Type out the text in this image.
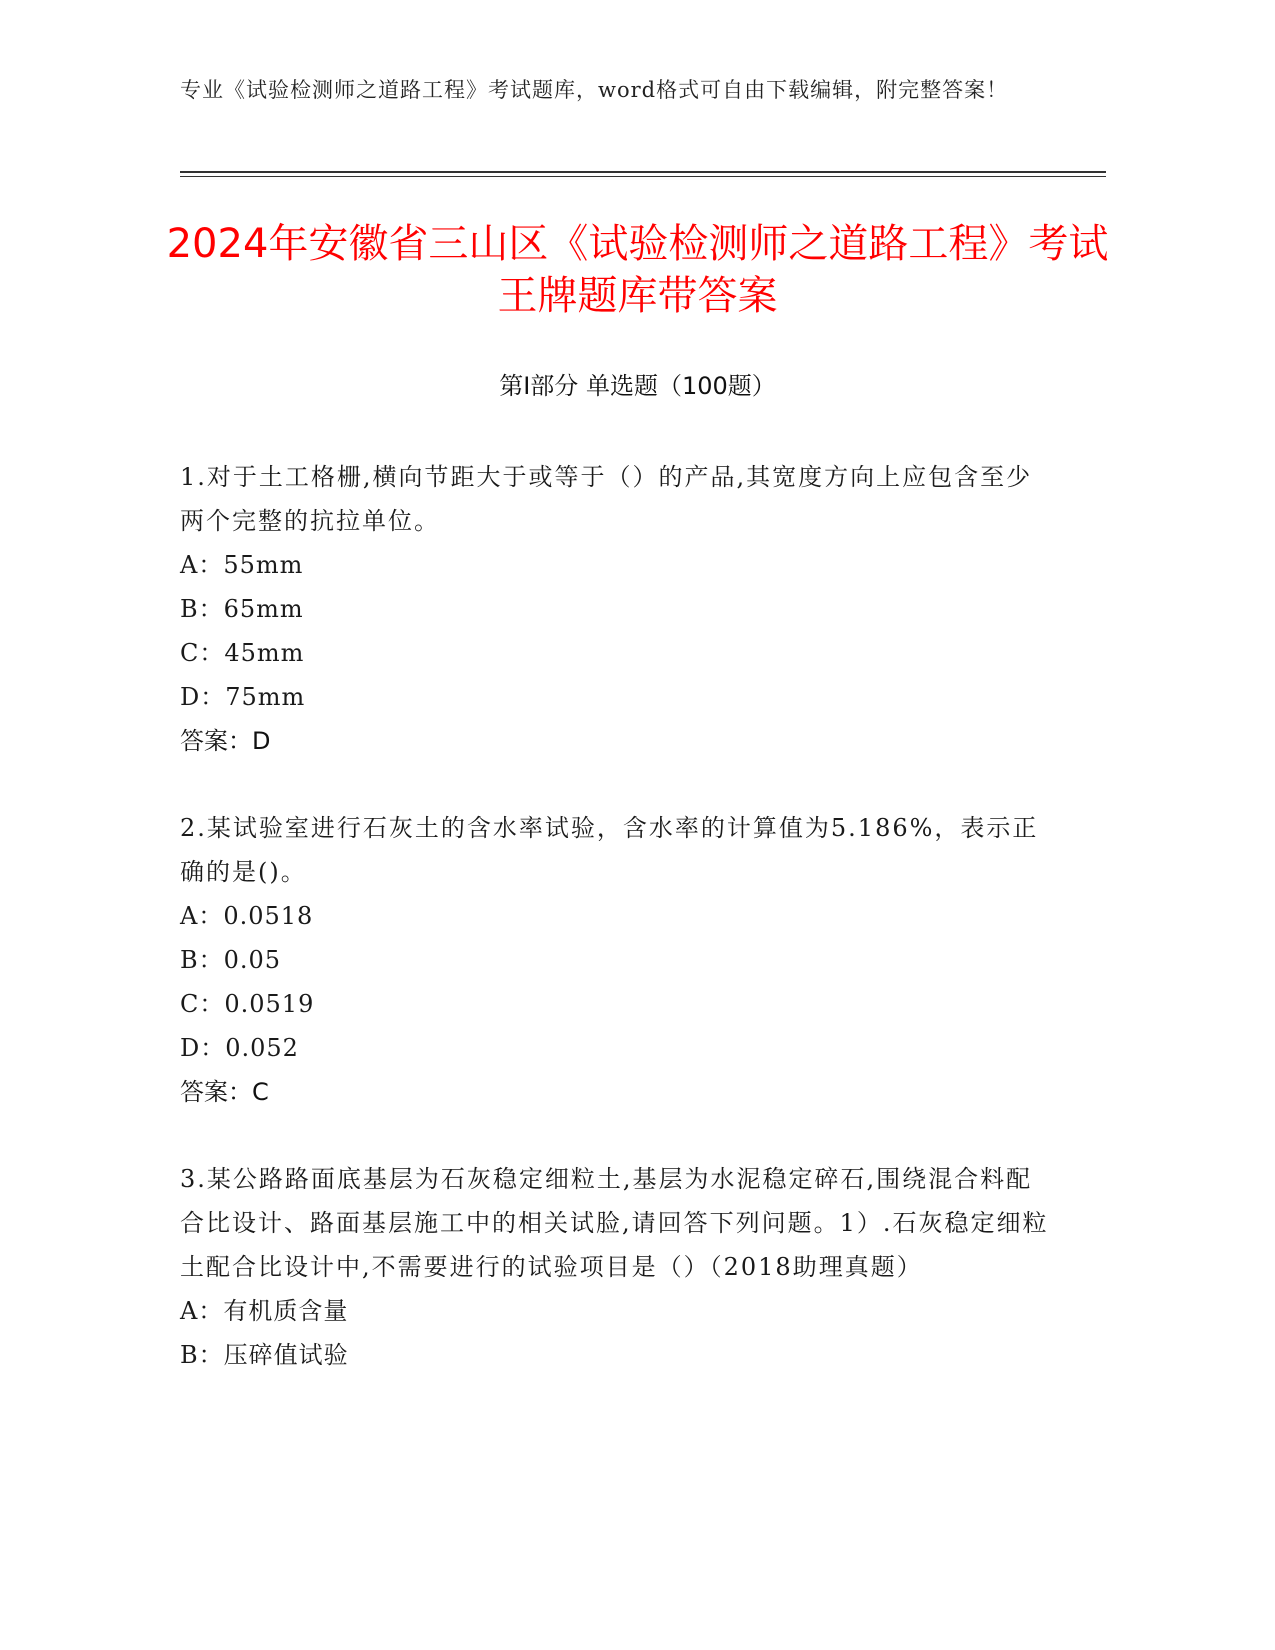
专业《试验检测师之道路工程》考试题库，word格式可自由下载编辑，附完整答案！
2024年安徽省三山区《试验检测师之道路工程》考试王牌题库带答案
第Ⅰ部分 单选题（100题）

1.对于土工格栅,横向节距大于或等于（）的产品,其宽度方向上应包含至少两个完整的抗拉单位。

A：55mm

B：65mm

C：45mm

D：75mm

答案：D

2.某试验室进行石灰土的含水率试验，含水率的计算值为5.186%，表示正确的是()。

A：0.0518

B：0.05

C：0.0519

D：0.052

答案：C

3.某公路路面底基层为石灰稳定细粒土,基层为水泥稳定碎石,围绕混合料配合比设计、路面基层施工中的相关试脸,请回答下列问题。1）.石灰稳定细粒土配合比设计中,不需要进行的试验项目是（）（2018助理真题）

A：有机质含量

B：压碎值试验
